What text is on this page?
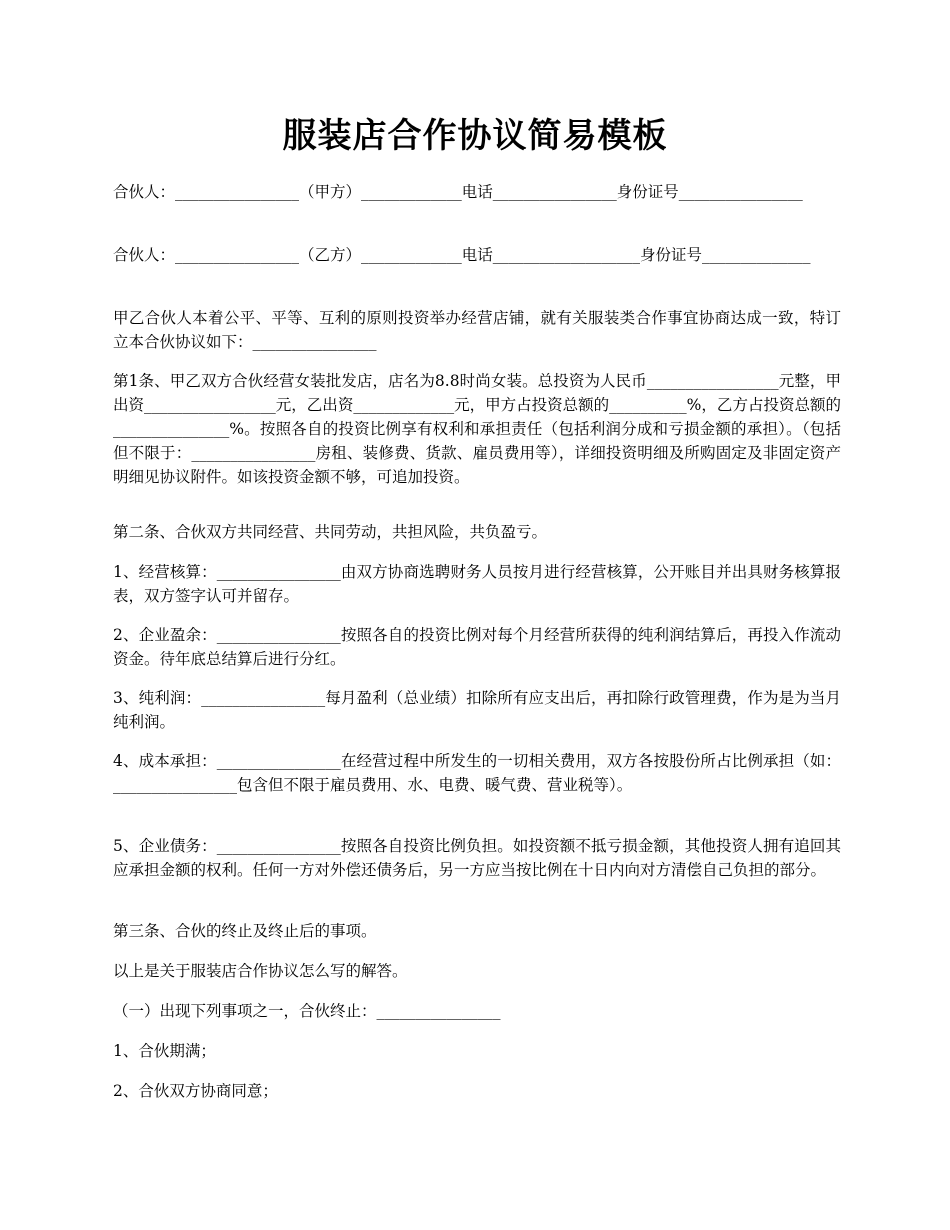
服装店合作协议简易模板

合伙人：________________（甲方）_____________电话________________身份证号________________

合伙人：________________（乙方）_____________电话___________________身份证号______________

甲乙合伙人本着公平、平等、互利的原则投资举办经营店铺，就有关服装类合作事宜协商达成一致，特订立本合伙协议如下：________________

第1条、甲乙双方合伙经营女装批发店，店名为8.8时尚女装。总投资为人民币_________________元整，甲出资_________________元，乙出资_____________元，甲方占投资总额的__________%，乙方占投资总额的_______________%。按照各自的投资比例享有权利和承担责任（包括利润分成和亏损金额的承担）。（包括但不限于：________________房租、装修费、货款、雇员费用等），详细投资明细及所购固定及非固定资产明细见协议附件。如该投资金额不够，可追加投资。

第二条、合伙双方共同经营、共同劳动，共担风险，共负盈亏。

1、经营核算：________________由双方协商选聘财务人员按月进行经营核算，公开账目并出具财务核算报表，双方签字认可并留存。

2、企业盈余：________________按照各自的投资比例对每个月经营所获得的纯利润结算后，再投入作流动资金。待年底总结算后进行分红。

3、纯利润：________________每月盈利（总业绩）扣除所有应支出后，再扣除行政管理费，作为是为当月纯利润。

4、成本承担：________________在经营过程中所发生的一切相关费用，双方各按股份所占比例承担（如：________________包含但不限于雇员费用、水、电费、暖气费、营业税等）。

5、企业债务：________________按照各自投资比例负担。如投资额不抵亏损金额，其他投资人拥有追回其应承担金额的权利。任何一方对外偿还债务后，另一方应当按比例在十日内向对方清偿自己负担的部分。

第三条、合伙的终止及终止后的事项。

以上是关于服装店合作协议怎么写的解答。

（一）出现下列事项之一，合伙终止：________________

1、合伙期满；

2、合伙双方协商同意；
